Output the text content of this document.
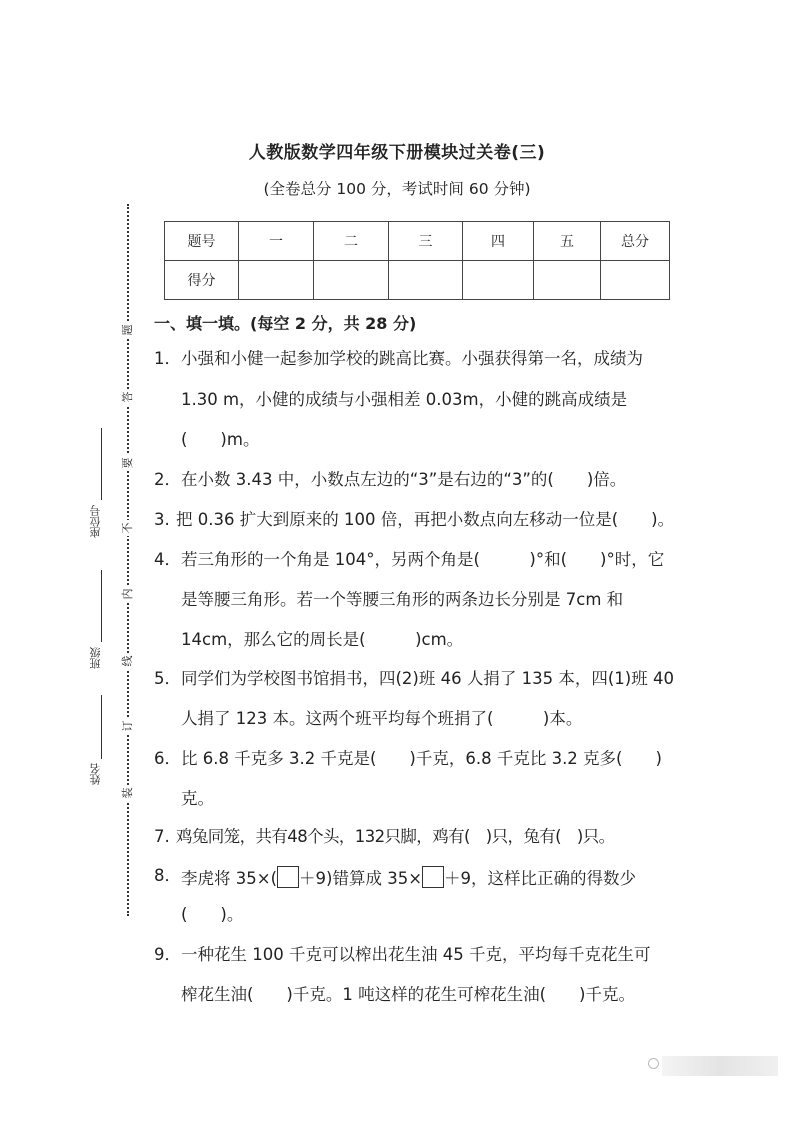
人教版数学四年级下册模块过关卷(三)
(全卷总分 100 分，考试时间 60 分钟)
题号	一	二	三	四	五	总分
得分						
题
答
要
不
内
线
订
装
座位号
班级
姓名
一、填一填。(每空 2 分，共 28 分)
1． 小强和小健一起参加学校的跳高比赛。小强获得第一名，成绩为
1.30 m，小健的成绩与小强相差 0.03m，小健的跳高成绩是
(　　)m。
2． 在小数 3.43 中，小数点左边的“3”是右边的“3”的(　　)倍。
3. 把 0.36 扩大到原来的 100 倍，再把小数点向左移动一位是(　　)。
4． 若三角形的一个角是 104°，另两个角是(　　　)°和(　　)°时，它
是等腰三角形。若一个等腰三角形的两条边长分别是 7cm 和
14cm，那么它的周长是(　　　)cm。
5． 同学们为学校图书馆捐书，四(2)班 46 人捐了 135 本，四(1)班 40
人捐了 123 本。这两个班平均每个班捐了(　　　)本。
6． 比 6.8 千克多 3.2 千克是(　　)千克，6.8 千克比 3.2 克多(　　)
克。
7. 鸡兔同笼，共有48个头，132只脚，鸡有(　)只，兔有(　)只。
8． 李虎将 35×( ＋9)错算成 35× ＋9，这样比正确的得数少
(　　)。
9． 一种花生 100 千克可以榨出花生油 45 千克，平均每千克花生可
榨花生油(　　)千克。1 吨这样的花生可榨花生油(　　)千克。
